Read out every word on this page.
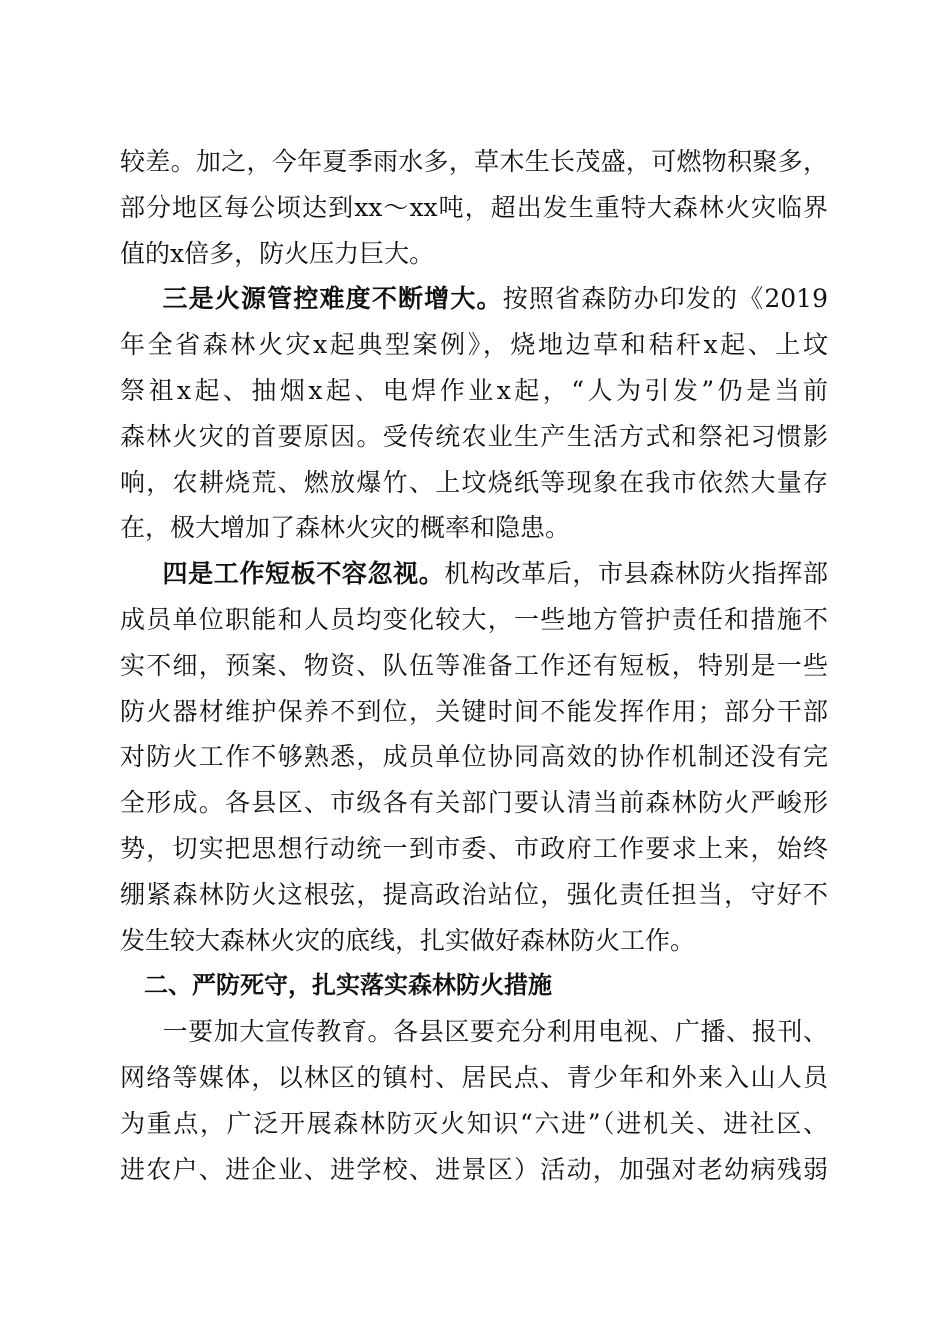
较差。加之，今年夏季雨水多，草木生长茂盛，可燃物积聚多，
部分地区每公顷达到xx～xx吨，超出发生重特大森林火灾临界
值的x倍多，防火压力巨大。
三是火源管控难度不断增大。按照省森防办印发的《2019
年全省森林火灾x起典型案例》，烧地边草和秸秆x起、上坟
祭祖x起、抽烟x起、电焊作业x起，“人为引发”仍是当前
森林火灾的首要原因。受传统农业生产生活方式和祭祀习惯影
响，农耕烧荒、燃放爆竹、上坟烧纸等现象在我市依然大量存
在，极大增加了森林火灾的概率和隐患。
四是工作短板不容忽视。机构改革后，市县森林防火指挥部
成员单位职能和人员均变化较大，一些地方管护责任和措施不
实不细，预案、物资、队伍等准备工作还有短板，特别是一些
防火器材维护保养不到位，关键时间不能发挥作用；部分干部
对防火工作不够熟悉，成员单位协同高效的协作机制还没有完
全形成。各县区、市级各有关部门要认清当前森林防火严峻形
势，切实把思想行动统一到市委、市政府工作要求上来，始终
绷紧森林防火这根弦，提高政治站位，强化责任担当，守好不
发生较大森林火灾的底线，扎实做好森林防火工作。
二、严防死守，扎实落实森林防火措施
一要加大宣传教育。各县区要充分利用电视、广播、报刊、
网络等媒体，以林区的镇村、居民点、青少年和外来入山人员
为重点，广泛开展森林防灭火知识“六进”（进机关、进社区、
进农户、进企业、进学校、进景区）活动，加强对老幼病残弱
